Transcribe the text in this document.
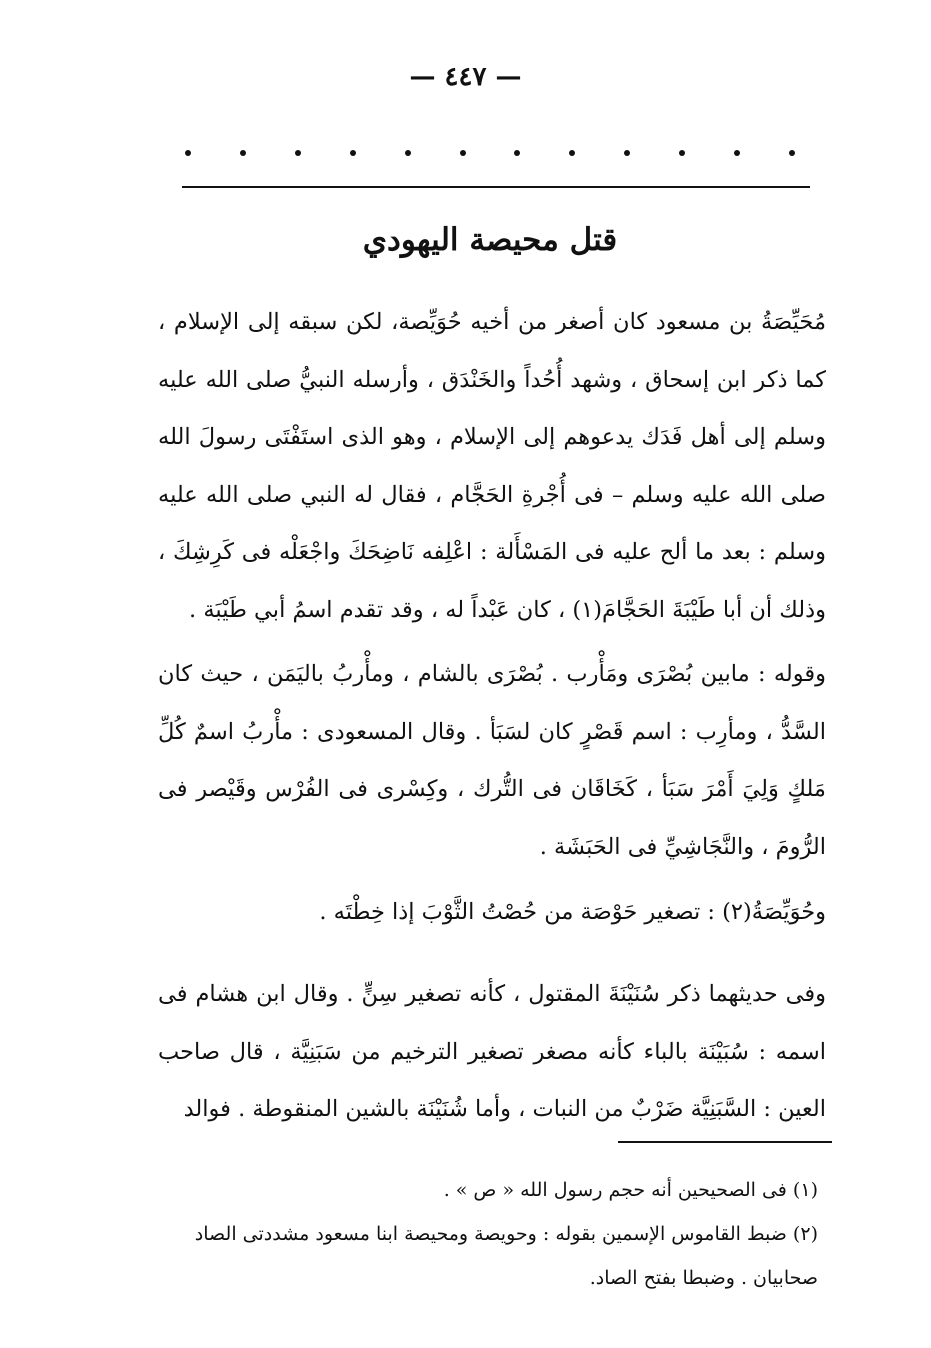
— ٤٤٧ —
قتل محيصة اليهودي

مُحَيِّصَةُ بن مسعود كان أصغر من أخيه حُوَيِّصة، لكن سبقه إلى الإسلام ، كما ذكر ابن إسحاق ، وشهد أُحُداً والخَنْدَق ، وأرسله النبيُّ صلى الله عليه وسلم إلى أهل فَدَك يدعوهم إلى الإسلام ، وهو الذى استَفْتَى رسولَ الله صلى الله عليه وسلم – فى أُجْرةِ الحَجَّام ، فقال له النبي صلى الله عليه وسلم : بعد ما ألح عليه فى المَسْأَلة : اعْلِفه نَاضِحَكَ واجْعَلْه فى كَرِشِكَ ، وذلك أن أبا طَيْبَةَ الحَجَّامَ(١) ، كان عَبْداً له ، وقد تقدم اسمُ أبي طَيْبَة .

وقوله : مابين بُصْرَى ومَأْرب . بُصْرَى بالشام ، ومأْربُ باليَمَن ، حيث كان السَّدُّ ، ومأرِب : اسم قَصْرٍ كان لسَبَأ . وقال المسعودى : مأْربُ اسمٌ كُلِّ مَلكٍ وَلِيَ أَمْرَ سَبَأ ، كَخَاقَان فى التُّرك ، وكِسْرى فى الفُرْس وقَيْصر فى الرُّومَ ، والنَّجَاشِيِّ فى الحَبَشَة .

وحُوَيِّصَةُ(٢) : تصغير حَوْصَة من حُصْتُ الثَّوْبَ إذا خِطْتَه .

وفى حديثهما ذكر سُنَيْنَةَ المقتول ، كأنه تصغير سِنٍّ . وقال ابن هشام فى اسمه : سُبَيْنَة بالباء كأنه مصغر تصغير الترخيم من سَبَنِيَّة ، قال صاحب العين : السَّبَنِيَّة ضَرْبٌ من النبات ، وأما شُنَيْنَة بالشين المنقوطة . فوالد

(١) فى الصحيحين أنه حجم رسول الله « ص » .
(٢) ضبط القاموس الإسمين بقوله : وحويصة ومحيصة ابنا مسعود مشددتى الصاد صحابيان . وضبطا بفتح الصاد.
